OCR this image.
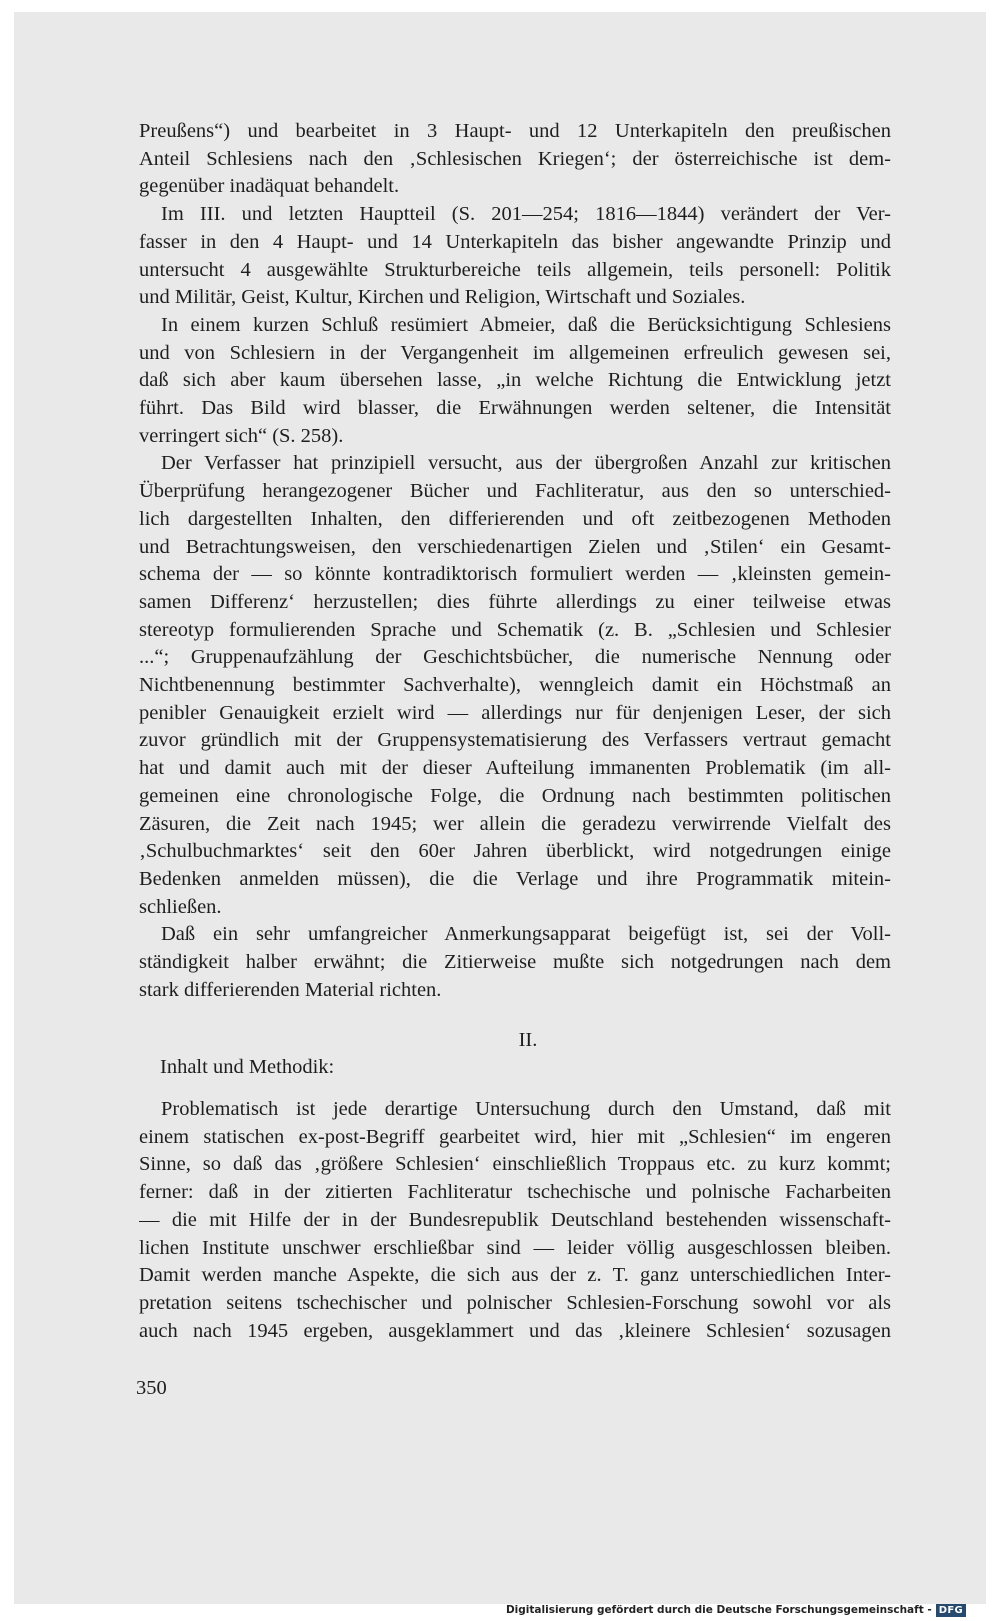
Preußens“) und bearbeitet in 3 Haupt- und 12 Unterkapiteln den preußischen

Anteil Schlesiens nach den ‚Schlesischen Kriegen‘; der österreichische ist dem-

gegenüber inadäquat behandelt.

Im III. und letzten Hauptteil (S. 201—254; 1816—1844) verändert der Ver-

fasser in den 4 Haupt- und 14 Unterkapiteln das bisher angewandte Prinzip und

untersucht 4 ausgewählte Strukturbereiche teils allgemein, teils personell: Politik

und Militär, Geist, Kultur, Kirchen und Religion, Wirtschaft und Soziales.

In einem kurzen Schluß resümiert Abmeier, daß die Berücksichtigung Schlesiens

und von Schlesiern in der Vergangenheit im allgemeinen erfreulich gewesen sei,

daß sich aber kaum übersehen lasse, „in welche Richtung die Entwicklung jetzt

führt. Das Bild wird blasser, die Erwähnungen werden seltener, die Intensität

verringert sich“ (S. 258).

Der Verfasser hat prinzipiell versucht, aus der übergroßen Anzahl zur kritischen

Überprüfung herangezogener Bücher und Fachliteratur, aus den so unterschied-

lich dargestellten Inhalten, den differierenden und oft zeitbezogenen Methoden

und Betrachtungsweisen, den verschiedenartigen Zielen und ‚Stilen‘ ein Gesamt-

schema der — so könnte kontradiktorisch formuliert werden — ‚kleinsten gemein-

samen Differenz‘ herzustellen; dies führte allerdings zu einer teilweise etwas

stereotyp formulierenden Sprache und Schematik (z. B. „Schlesien und Schlesier

...“; Gruppenaufzählung der Geschichtsbücher, die numerische Nennung oder

Nichtbenennung bestimmter Sachverhalte), wenngleich damit ein Höchstmaß an

penibler Genauigkeit erzielt wird — allerdings nur für denjenigen Leser, der sich

zuvor gründlich mit der Gruppensystematisierung des Verfassers vertraut gemacht

hat und damit auch mit der dieser Aufteilung immanenten Problematik (im all-

gemeinen eine chronologische Folge, die Ordnung nach bestimmten politischen

Zäsuren, die Zeit nach 1945; wer allein die geradezu verwirrende Vielfalt des

‚Schulbuchmarktes‘ seit den 60er Jahren überblickt, wird notgedrungen einige

Bedenken anmelden müssen), die die Verlage und ihre Programmatik mitein-

schließen.

Daß ein sehr umfangreicher Anmerkungsapparat beigefügt ist, sei der Voll-

ständigkeit halber erwähnt; die Zitierweise mußte sich notgedrungen nach dem

stark differierenden Material richten.

II.
Inhalt und Methodik:

Problematisch ist jede derartige Untersuchung durch den Umstand, daß mit

einem statischen ex-post-Begriff gearbeitet wird, hier mit „Schlesien“ im engeren

Sinne, so daß das ‚größere Schlesien‘ einschließlich Troppaus etc. zu kurz kommt;

ferner: daß in der zitierten Fachliteratur tschechische und polnische Facharbeiten

— die mit Hilfe der in der Bundesrepublik Deutschland bestehenden wissenschaft-

lichen Institute unschwer erschließbar sind — leider völlig ausgeschlossen bleiben.

Damit werden manche Aspekte, die sich aus der z. T. ganz unterschiedlichen Inter-

pretation seitens tschechischer und polnischer Schlesien-Forschung sowohl vor als

auch nach 1945 ergeben, ausgeklammert und das ‚kleinere Schlesien‘ sozusagen

350
Digitalisierung gefördert durch die Deutsche Forschungsgemeinschaft - DFG
